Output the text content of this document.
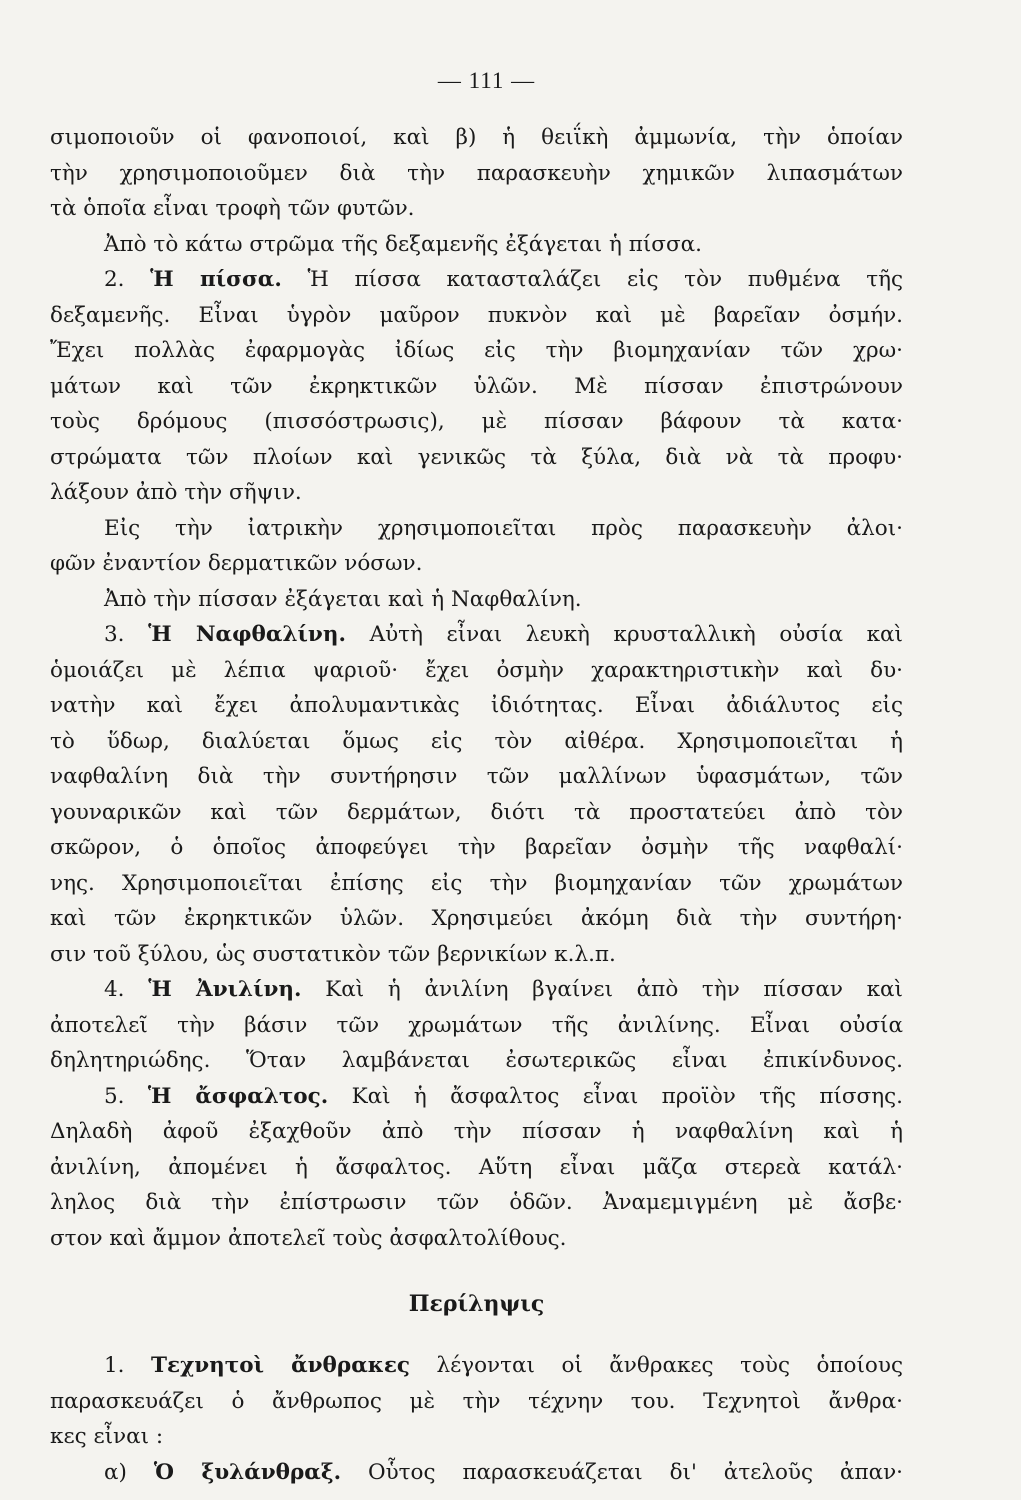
— 111 —
σιμοποιοῦν οἱ φανοποιοί, καὶ β) ἡ θειΐκὴ ἀμμωνία, τὴν ὁποίαν
τὴν χρησιμοποιοῦμεν διὰ τὴν παρασκευὴν χημικῶν λιπασμάτων
τὰ ὁποῖα εἶναι τροφὴ τῶν φυτῶν.
Ἀπὸ τὸ κάτω στρῶμα τῆς δεξαμενῆς ἐξάγεται ἡ πίσσα.
2. Ἡ πίσσα. Ἡ πίσσα κατασταλάζει εἰς τὸν πυθμένα τῆς
δεξαμενῆς. Εἶναι ὑγρὸν μαῦρον πυκνὸν καὶ μὲ βαρεῖαν ὀσμήν.
Ἔχει πολλὰς ἐφαρμογὰς ἰδίως εἰς τὴν βιομηχανίαν τῶν χρω·
μάτων καὶ τῶν ἐκρηκτικῶν ὑλῶν. Μὲ πίσσαν ἐπιστρώνουν
τοὺς δρόμους (πισσόστρωσις), μὲ πίσσαν βάφουν τὰ κατα·
στρώματα τῶν πλοίων καὶ γενικῶς τὰ ξύλα, διὰ νὰ τὰ προφυ·
λάξουν ἀπὸ τὴν σῆψιν.
Εἰς τὴν ἰατρικὴν χρησιμοποιεῖται πρὸς παρασκευὴν ἀλοι·
φῶν ἐναντίον δερματικῶν νόσων.
Ἀπὸ τὴν πίσσαν ἐξάγεται καὶ ἡ Ναφθαλίνη.
3. Ἡ Ναφθαλίνη. Αὐτὴ εἶναι λευκὴ κρυσταλλικὴ οὐσία καὶ
ὁμοιάζει μὲ λέπια ψαριοῦ· ἔχει ὀσμὴν χαρακτηριστικὴν καὶ δυ·
νατὴν καὶ ἔχει ἀπολυμαντικὰς ἰδιότητας. Εἶναι ἀδιάλυτος εἰς
τὸ ὕδωρ, διαλύεται ὅμως εἰς τὸν αἰθέρα. Χρησιμοποιεῖται ἡ
ναφθαλίνη διὰ τὴν συντήρησιν τῶν μαλλίνων ὑφασμάτων, τῶν
γουναρικῶν καὶ τῶν δερμάτων, διότι τὰ προστατεύει ἀπὸ τὸν
σκῶρον, ὁ ὁποῖος ἀποφεύγει τὴν βαρεῖαν ὀσμὴν τῆς ναφθαλί·
νης. Χρησιμοποιεῖται ἐπίσης εἰς τὴν βιομηχανίαν τῶν χρωμάτων
καὶ τῶν ἐκρηκτικῶν ὑλῶν. Χρησιμεύει ἀκόμη διὰ τὴν συντήρη·
σιν τοῦ ξύλου, ὡς συστατικὸν τῶν βερνικίων κ.λ.π.
4. Ἡ Ἀνιλίνη. Καὶ ἡ ἀνιλίνη βγαίνει ἀπὸ τὴν πίσσαν καὶ
ἀποτελεῖ τὴν βάσιν τῶν χρωμάτων τῆς ἀνιλίνης. Εἶναι οὐσία
δηλητηριώδης. Ὅταν λαμβάνεται ἐσωτερικῶς εἶναι ἐπικίνδυνος.
5. Ἡ ἄσφαλτος. Καὶ ἡ ἄσφαλτος εἶναι προϊὸν τῆς πίσσης.
Δηλαδὴ ἀφοῦ ἐξαχθοῦν ἀπὸ τὴν πίσσαν ἡ ναφθαλίνη καὶ ἡ
ἀνιλίνη, ἀπομένει ἡ ἄσφαλτος. Αὕτη εἶναι μᾶζα στερεὰ κατάλ·
ληλος διὰ τὴν ἐπίστρωσιν τῶν ὁδῶν. Ἀναμεμιγμένη μὲ ἄσβε·
στον καὶ ἄμμον ἀποτελεῖ τοὺς ἀσφαλτολίθους.
Περίληψις
1. Τεχνητοὶ ἄνθρακες λέγονται οἱ ἄνθρακες τοὺς ὁποίους
παρασκευάζει ὁ ἄνθρωπος μὲ τὴν τέχνην του. Τεχνητοὶ ἄνθρα·
κες εἶναι :
α) Ὁ ξυλάνθραξ. Οὗτος παρασκευάζεται δι' ἀτελοῦς ἀπαν·
